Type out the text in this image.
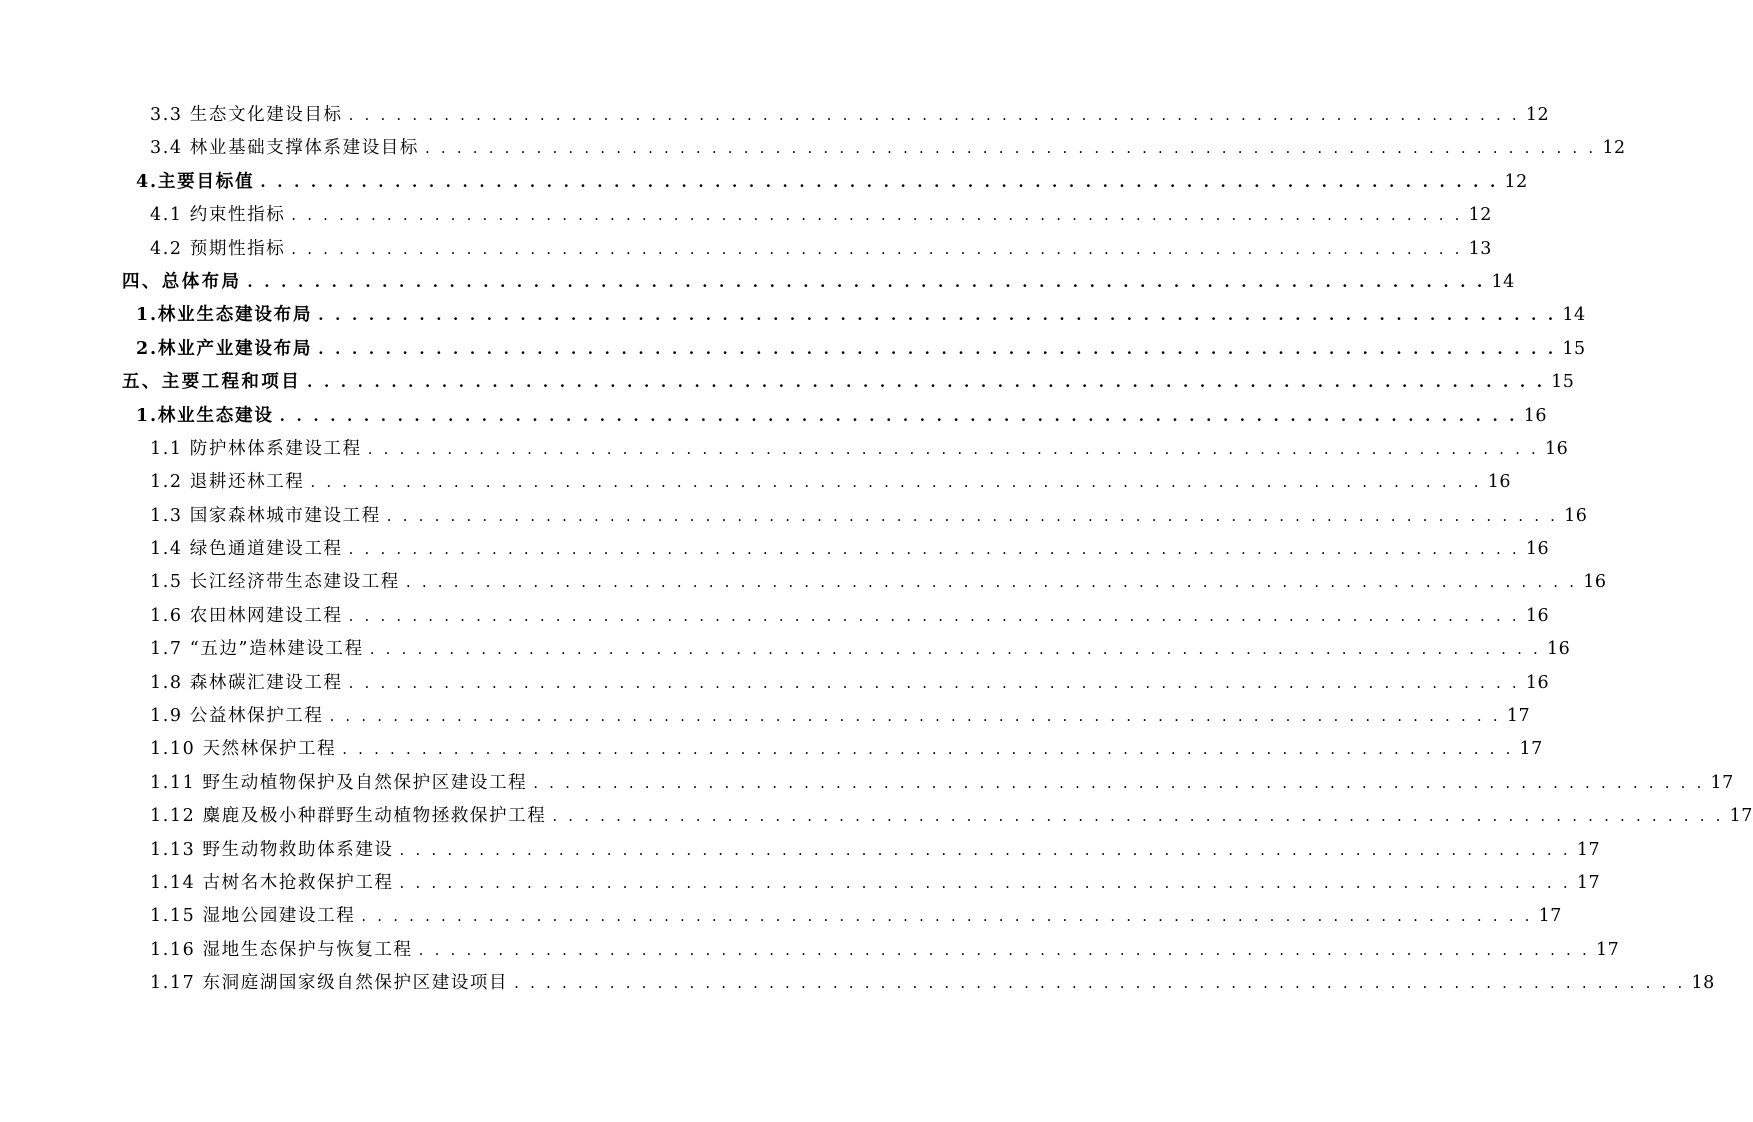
3.3 生态文化建设目标 . . . . . . . . . . . . . . . . . . . . . . . . . . . . . . . . . . . . . . . . . . . . . . . . . . . . . . . . . . . . . . . . . . . . . . . . . . 12
3.4 林业基础支撑体系建设目标 . . . . . . . . . . . . . . . . . . . . . . . . . . . . . . . . . . . . . . . . . . . . . . . . . . . . . . . . . . . . . . . . . . . . . . . . . . 12
4.主要目标值 . . . . . . . . . . . . . . . . . . . . . . . . . . . . . . . . . . . . . . . . . . . . . . . . . . . . . . . . . . . . . . . . . . . . . . . . . . 12
4.1 约束性指标 . . . . . . . . . . . . . . . . . . . . . . . . . . . . . . . . . . . . . . . . . . . . . . . . . . . . . . . . . . . . . . . . . . . . . . . . . . 12
4.2 预期性指标 . . . . . . . . . . . . . . . . . . . . . . . . . . . . . . . . . . . . . . . . . . . . . . . . . . . . . . . . . . . . . . . . . . . . . . . . . . 13
四、总体布局 . . . . . . . . . . . . . . . . . . . . . . . . . . . . . . . . . . . . . . . . . . . . . . . . . . . . . . . . . . . . . . . . . . . . . . . . . . 14
1.林业生态建设布局 . . . . . . . . . . . . . . . . . . . . . . . . . . . . . . . . . . . . . . . . . . . . . . . . . . . . . . . . . . . . . . . . . . . . . . . . . . 14
2.林业产业建设布局 . . . . . . . . . . . . . . . . . . . . . . . . . . . . . . . . . . . . . . . . . . . . . . . . . . . . . . . . . . . . . . . . . . . . . . . . . . 15
五、主要工程和项目 . . . . . . . . . . . . . . . . . . . . . . . . . . . . . . . . . . . . . . . . . . . . . . . . . . . . . . . . . . . . . . . . . . . . . . . . . . 15
1.林业生态建设 . . . . . . . . . . . . . . . . . . . . . . . . . . . . . . . . . . . . . . . . . . . . . . . . . . . . . . . . . . . . . . . . . . . . . . . . . . 16
1.1 防护林体系建设工程 . . . . . . . . . . . . . . . . . . . . . . . . . . . . . . . . . . . . . . . . . . . . . . . . . . . . . . . . . . . . . . . . . . . . . . . . . . 16
1.2 退耕还林工程 . . . . . . . . . . . . . . . . . . . . . . . . . . . . . . . . . . . . . . . . . . . . . . . . . . . . . . . . . . . . . . . . . . . . . . . . . . 16
1.3 国家森林城市建设工程 . . . . . . . . . . . . . . . . . . . . . . . . . . . . . . . . . . . . . . . . . . . . . . . . . . . . . . . . . . . . . . . . . . . . . . . . . . 16
1.4 绿色通道建设工程 . . . . . . . . . . . . . . . . . . . . . . . . . . . . . . . . . . . . . . . . . . . . . . . . . . . . . . . . . . . . . . . . . . . . . . . . . . 16
1.5 长江经济带生态建设工程 . . . . . . . . . . . . . . . . . . . . . . . . . . . . . . . . . . . . . . . . . . . . . . . . . . . . . . . . . . . . . . . . . . . . . . . . . . 16
1.6 农田林网建设工程 . . . . . . . . . . . . . . . . . . . . . . . . . . . . . . . . . . . . . . . . . . . . . . . . . . . . . . . . . . . . . . . . . . . . . . . . . . 16
1.7 “五边”造林建设工程 . . . . . . . . . . . . . . . . . . . . . . . . . . . . . . . . . . . . . . . . . . . . . . . . . . . . . . . . . . . . . . . . . . . . . . . . . . 16
1.8 森林碳汇建设工程 . . . . . . . . . . . . . . . . . . . . . . . . . . . . . . . . . . . . . . . . . . . . . . . . . . . . . . . . . . . . . . . . . . . . . . . . . . 16
1.9 公益林保护工程 . . . . . . . . . . . . . . . . . . . . . . . . . . . . . . . . . . . . . . . . . . . . . . . . . . . . . . . . . . . . . . . . . . . . . . . . . . 17
1.10 天然林保护工程 . . . . . . . . . . . . . . . . . . . . . . . . . . . . . . . . . . . . . . . . . . . . . . . . . . . . . . . . . . . . . . . . . . . . . . . . . . 17
1.11 野生动植物保护及自然保护区建设工程 . . . . . . . . . . . . . . . . . . . . . . . . . . . . . . . . . . . . . . . . . . . . . . . . . . . . . . . . . . . . . . . . . . . . . . . . . . 17
1.12 麋鹿及极小种群野生动植物拯救保护工程 . . . . . . . . . . . . . . . . . . . . . . . . . . . . . . . . . . . . . . . . . . . . . . . . . . . . . . . . . . . . . . . . . . . . . . . . . . 17
1.13 野生动物救助体系建设 . . . . . . . . . . . . . . . . . . . . . . . . . . . . . . . . . . . . . . . . . . . . . . . . . . . . . . . . . . . . . . . . . . . . . . . . . . 17
1.14 古树名木抢救保护工程 . . . . . . . . . . . . . . . . . . . . . . . . . . . . . . . . . . . . . . . . . . . . . . . . . . . . . . . . . . . . . . . . . . . . . . . . . . 17
1.15 湿地公园建设工程 . . . . . . . . . . . . . . . . . . . . . . . . . . . . . . . . . . . . . . . . . . . . . . . . . . . . . . . . . . . . . . . . . . . . . . . . . . 17
1.16 湿地生态保护与恢复工程 . . . . . . . . . . . . . . . . . . . . . . . . . . . . . . . . . . . . . . . . . . . . . . . . . . . . . . . . . . . . . . . . . . . . . . . . . . 17
1.17 东洞庭湖国家级自然保护区建设项目 . . . . . . . . . . . . . . . . . . . . . . . . . . . . . . . . . . . . . . . . . . . . . . . . . . . . . . . . . . . . . . . . . . . . . . . . . . 18
